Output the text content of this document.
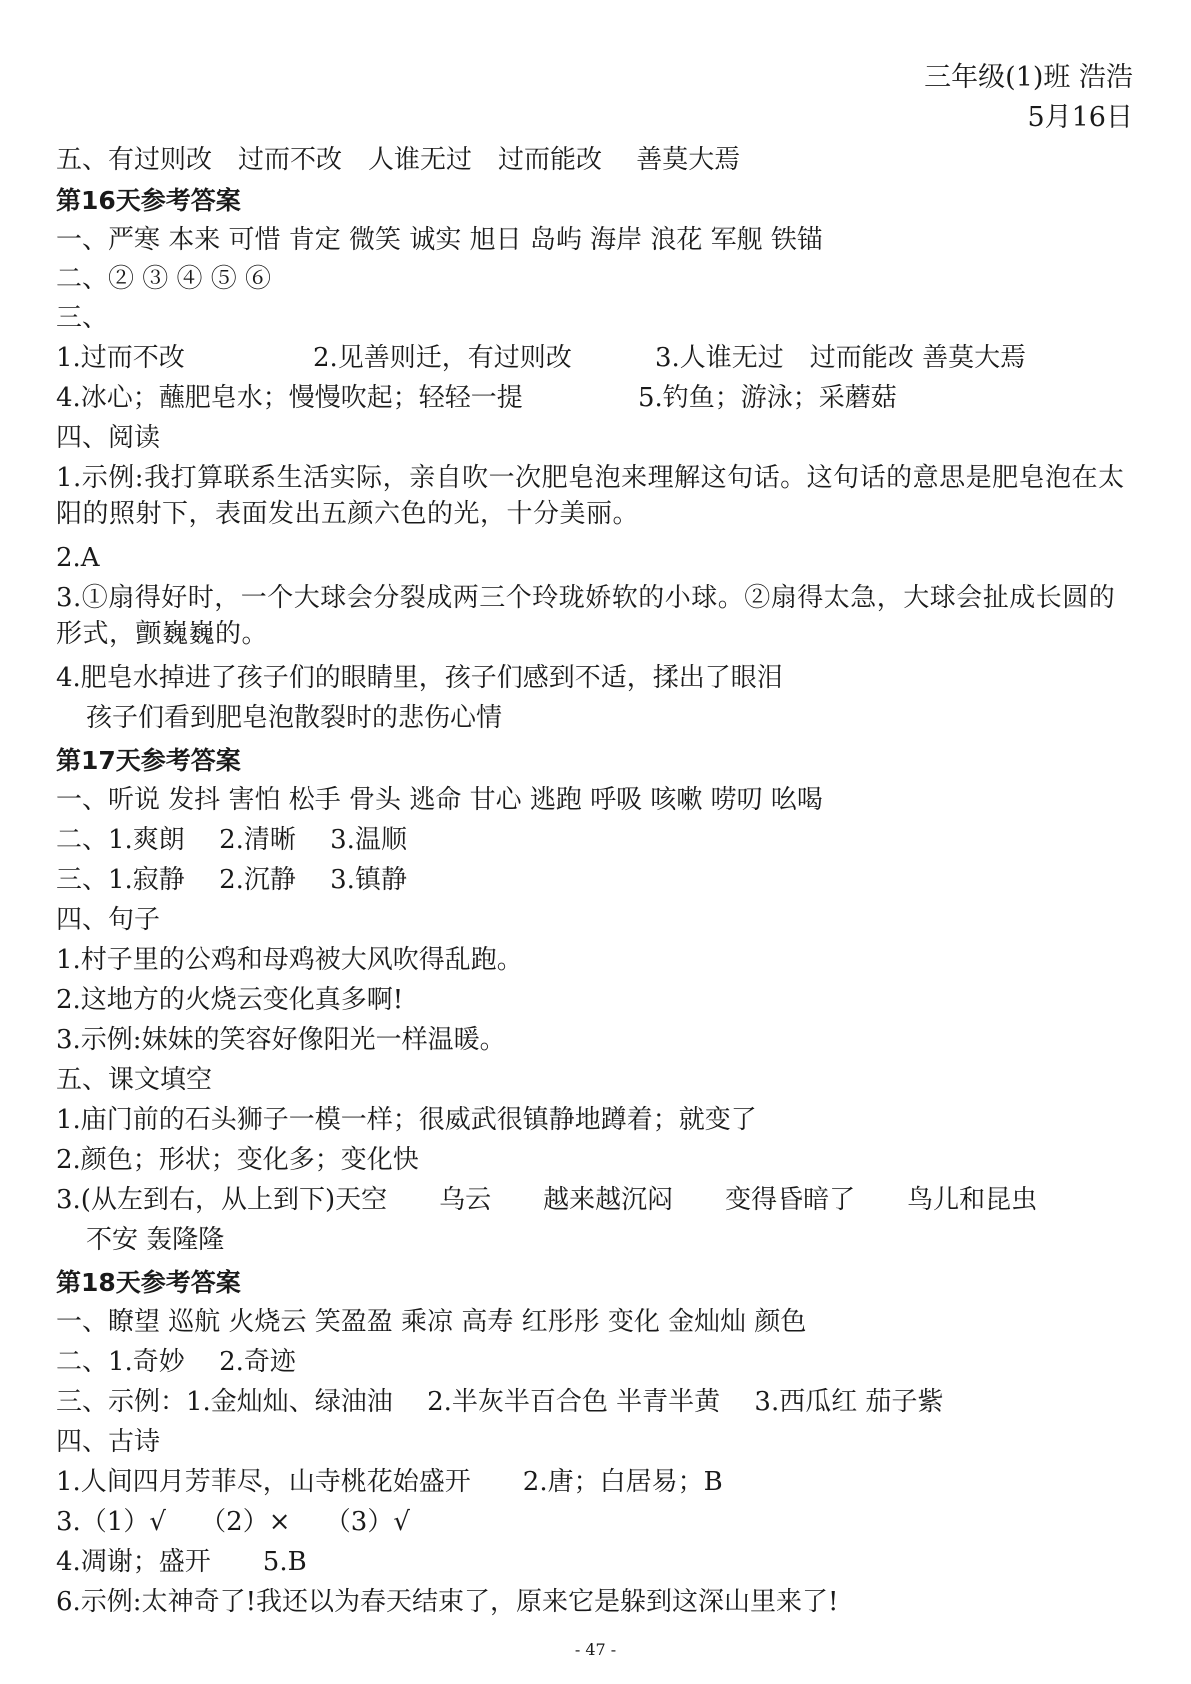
三年级(1)班 浩浩
5月16日
五、有过则改　过而不改　人谁无过　过而能改　 善莫大焉
第16天参考答案
一、严寒 本来 可惜 肯定 微笑 诚实 旭日 岛屿 海岸 浪花 军舰 铁锚
二、② ③ ④ ⑤ ⑥
三、
1.过而不改	2.见善则迁，有过则改	3.人谁无过　过而能改 善莫大焉
4.冰心；蘸肥皂水；慢慢吹起；轻轻一提	5.钓鱼；游泳；采蘑菇
四、阅读
1.示例:我打算联系生活实际，亲自吹一次肥皂泡来理解这句话。这句话的意思是肥皂泡在太阳的照射下，表面发出五颜六色的光，十分美丽。
2.A
3.①扇得好时，一个大球会分裂成两三个玲珑娇软的小球。②扇得太急，大球会扯成长圆的形式，颤巍巍的。
4.肥皂水掉进了孩子们的眼睛里，孩子们感到不适，揉出了眼泪
孩子们看到肥皂泡散裂时的悲伤心情
第17天参考答案
一、听说 发抖 害怕 松手 骨头 逃命 甘心 逃跑 呼吸 咳嗽 唠叨 吆喝
二、1.爽朗　 2.清晰　 3.温顺
三、1.寂静　 2.沉静　 3.镇静
四、句子
1.村子里的公鸡和母鸡被大风吹得乱跑。
2.这地方的火烧云变化真多啊!
3.示例:妹妹的笑容好像阳光一样温暖。
五、课文填空
1.庙门前的石头狮子一模一样；很威武很镇静地蹲着；就变了
2.颜色；形状；变化多；变化快
3.(从左到右，从上到下)天空　　乌云　　越来越沉闷　　变得昏暗了　　鸟儿和昆虫
不安 轰隆隆
第18天参考答案
一、瞭望 巡航 火烧云 笑盈盈 乘凉 高寿 红彤彤 变化 金灿灿 颜色
二、1.奇妙　 2.奇迹
三、示例：1.金灿灿、绿油油　 2.半灰半百合色 半青半黄　 3.西瓜红 茄子紫
四、古诗
1.人间四月芳菲尽，山寺桃花始盛开　　2.唐；白居易；B
3.（1）√　 （2）×　 （3）√
4.凋谢；盛开　　5.B
6.示例:太神奇了!我还以为春天结束了，原来它是躲到这深山里来了!
- 47 -
